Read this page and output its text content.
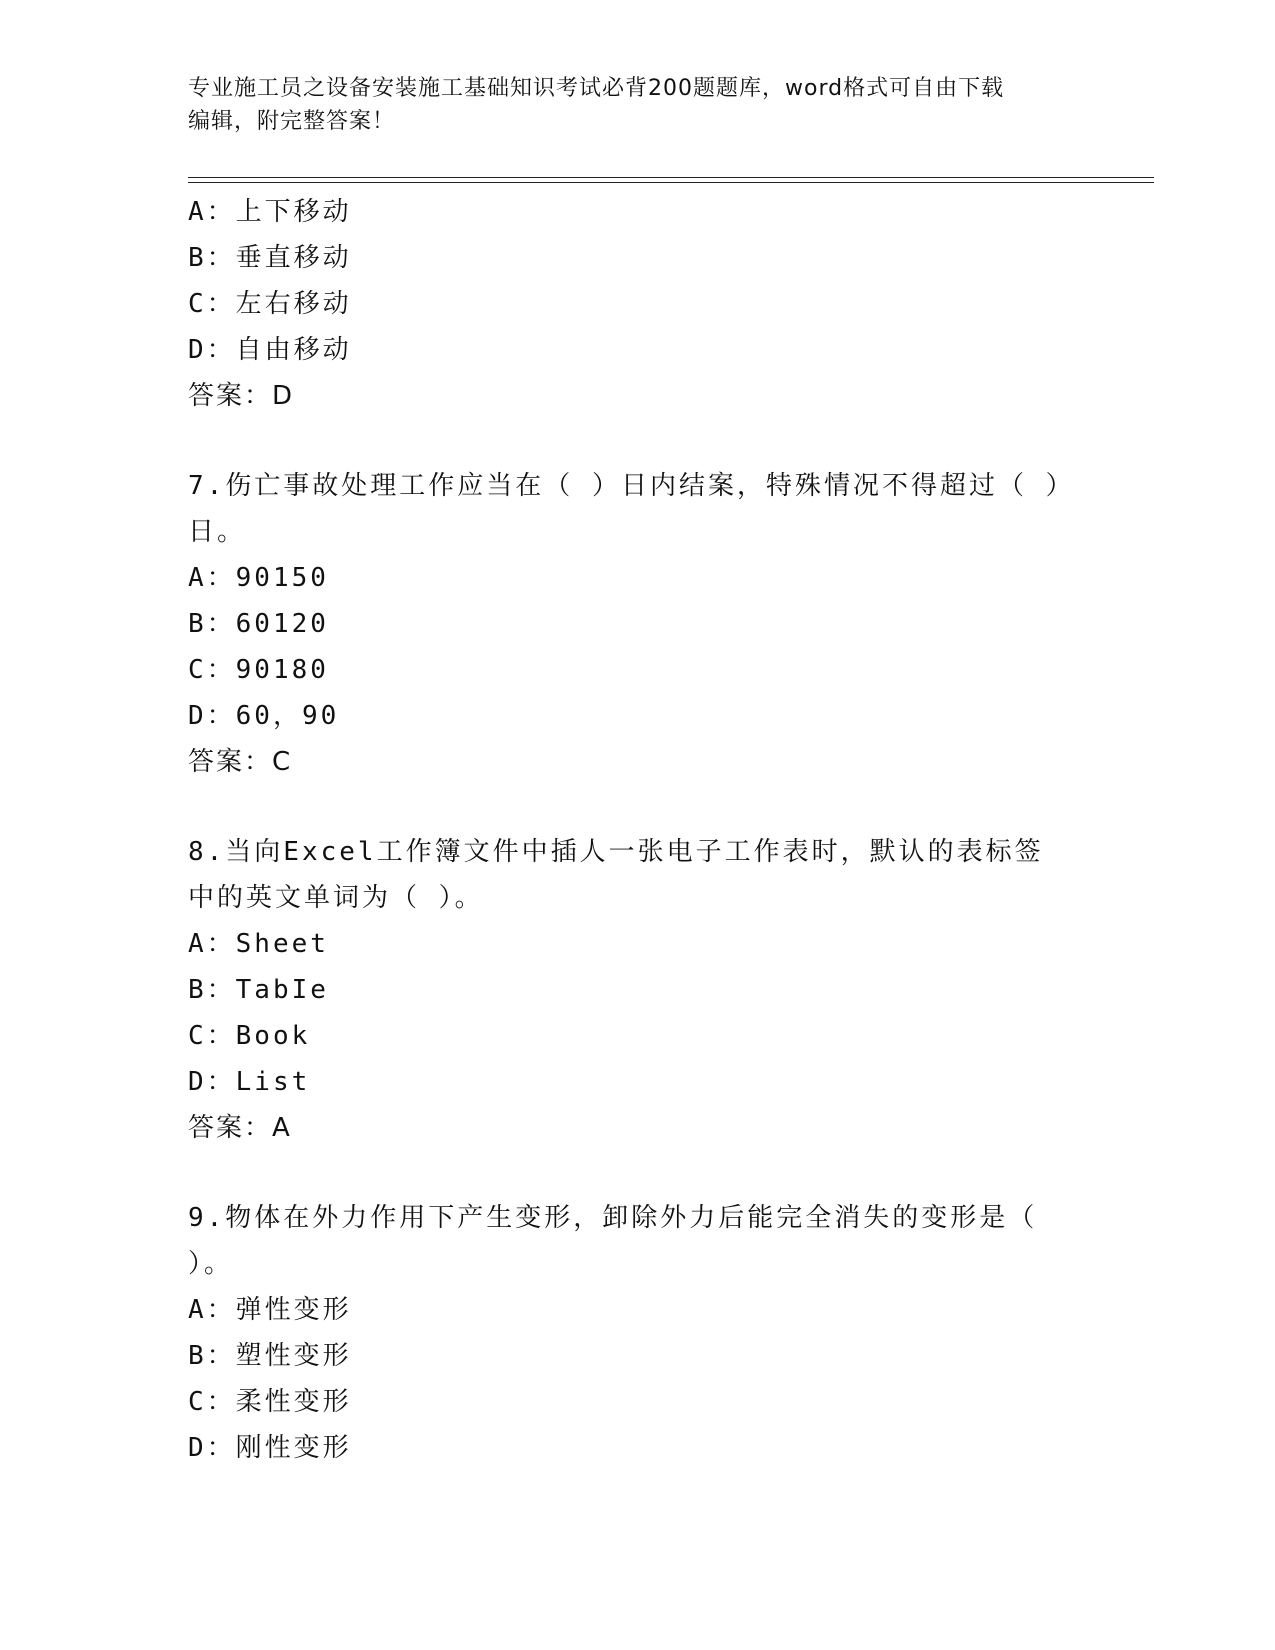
专业施工员之设备安装施工基础知识考试必背200题题库，word格式可自由下载
编辑，附完整答案！
A：上下移动
B：垂直移动
C：左右移动
D：自由移动
答案：D
7.伤亡事故处理工作应当在（ ）日内结案，特殊情况不得超过（ ）日。
A：90150
B：60120
C：90180
D：60，90
答案：C
8.当向Excel工作簿文件中插人一张电子工作表时，默认的表标签中的英文单词为（ ）。
A：Sheet
B：TabIe
C：Book
D：List
答案：A
9.物体在外力作用下产生变形，卸除外力后能完全消失的变形是（ ）。
A：弹性变形
B：塑性变形
C：柔性变形
D：刚性变形
